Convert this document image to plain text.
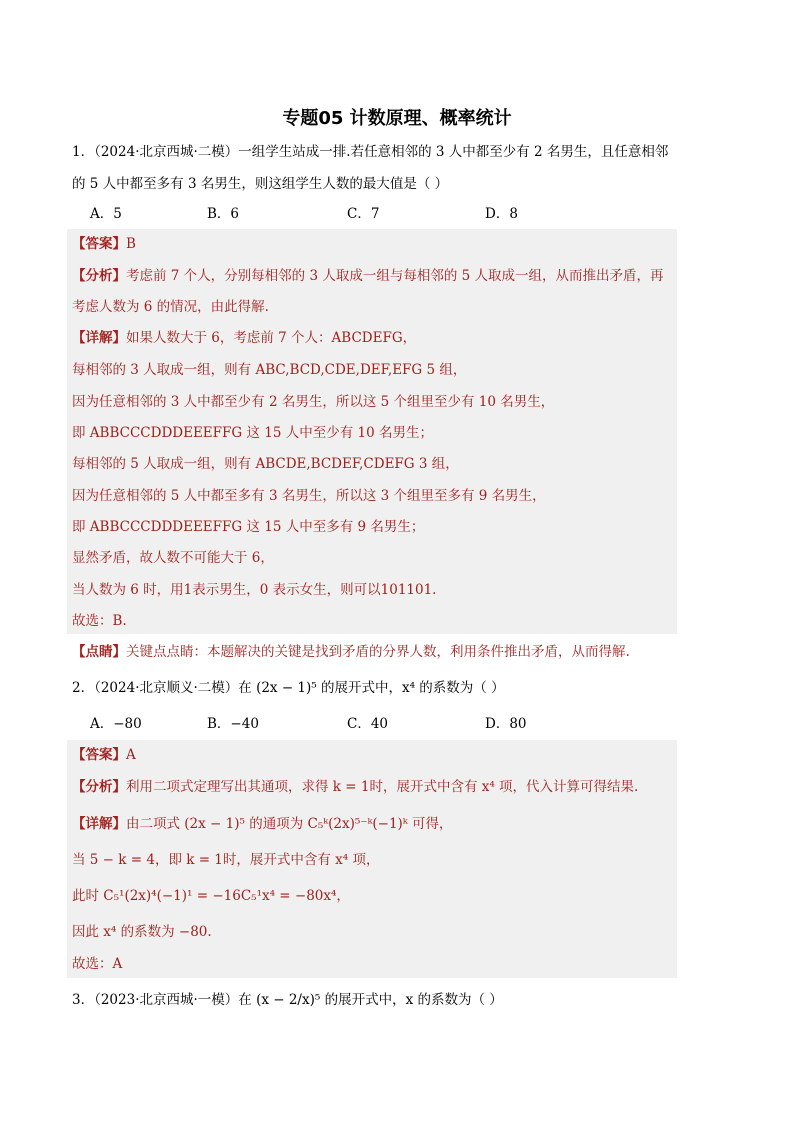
专题05 计数原理、概率统计
1．（2024·北京西城·二模）一组学生站成一排.若任意相邻的 3 人中都至少有 2 名男生，且任意相邻
的 5 人中都至多有 3 名男生，则这组学生人数的最大值是（ ）
A．5	B．6	C．7	D．8
【答案】B
【分析】考虑前 7 个人，分别每相邻的 3 人取成一组与每相邻的 5 人取成一组，从而推出矛盾，再
考虑人数为 6 的情况，由此得解.
【详解】如果人数大于 6，考虑前 7 个人：ABCDEFG，
每相邻的 3 人取成一组，则有 ABC,BCD,CDE,DEF,EFG 5 组，
因为任意相邻的 3 人中都至少有 2 名男生，所以这 5 个组里至少有 10 名男生，
即 ABBCCCDDDEEEFFG 这 15 人中至少有 10 名男生；
每相邻的 5 人取成一组，则有 ABCDE,BCDEF,CDEFG 3 组，
因为任意相邻的 5 人中都至多有 3 名男生，所以这 3 个组里至多有 9 名男生，
即 ABBCCCDDDEEEFFG 这 15 人中至多有 9 名男生；
显然矛盾，故人数不可能大于 6，
当人数为 6 时，用1表示男生，0 表示女生，则可以101101.
故选：B.
【点睛】关键点点睛：本题解决的关键是找到矛盾的分界人数，利用条件推出矛盾，从而得解.
2．（2024·北京顺义·二模）在 (2x − 1)⁵ 的展开式中，x⁴ 的系数为（ ）
A．−80	B．−40	C．40	D．80
【答案】A
【分析】利用二项式定理写出其通项，求得 k = 1时，展开式中含有 x⁴ 项，代入计算可得结果.
【详解】由二项式 (2x − 1)⁵ 的通项为 C₅ᵏ(2x)⁵⁻ᵏ(−1)ᵏ 可得，
当 5 − k = 4，即 k = 1时，展开式中含有 x⁴ 项，
此时 C₅¹(2x)⁴(−1)¹ = −16C₅¹x⁴ = −80x⁴，
因此 x⁴ 的系数为 −80.
故选：A
3．（2023·北京西城·一模）在 (x − 2/x)⁵ 的展开式中，x 的系数为（ ）
